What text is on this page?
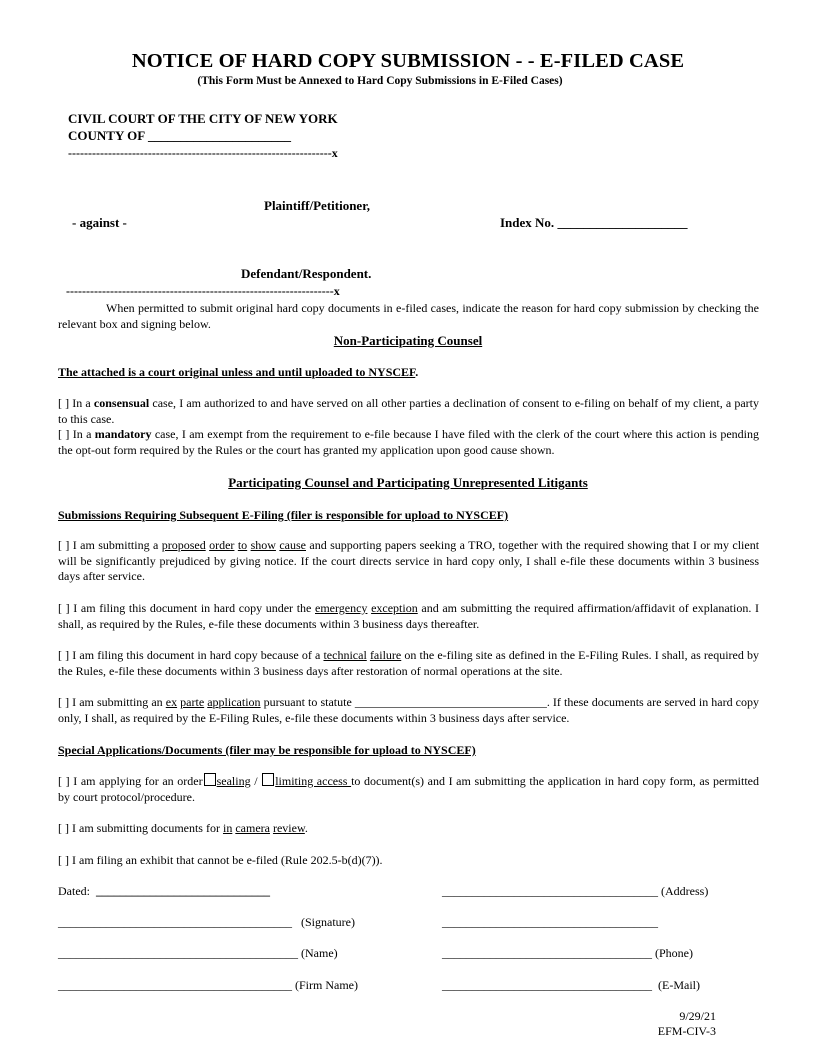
NOTICE OF HARD COPY SUBMISSION - - E-FILED CASE
(This Form Must be Annexed to Hard Copy Submissions in E-Filed Cases)
CIVIL COURT OF THE CITY OF NEW YORK
COUNTY OF ______________________
------------------------------------------------------------------x
Plaintiff/Petitioner,
- against -	Index No. ____________________
Defendant/Respondent.
-------------------------------------------------------------------x
When permitted to submit original hard copy documents in e-filed cases, indicate the reason for hard copy submission by checking the relevant box and signing below.
Non-Participating Counsel
The attached is a court original unless and until uploaded to NYSCEF.
[ ] In a consensual case, I am authorized to and have served on all other parties a declination of consent to e-filing on behalf of my client, a party to this case.
[ ] In a mandatory case, I am exempt from the requirement to e-file because I have filed with the clerk of the court where this action is pending the opt-out form required by the Rules or the court has granted my application upon good cause shown.
Participating Counsel and Participating Unrepresented Litigants
Submissions Requiring Subsequent E-Filing (filer is responsible for upload to NYSCEF)
[ ] I am submitting a proposed order to show cause and supporting papers seeking a TRO, together with the required showing that I or my client will be significantly prejudiced by giving notice. If the court directs service in hard copy only, I shall e-file these documents within 3 business days after service.
[ ] I am filing this document in hard copy under the emergency exception and am submitting the required affirmation/affidavit of explanation. I shall, as required by the Rules, e-file these documents within 3 business days thereafter.
[ ] I am filing this document in hard copy because of a technical failure on the e-filing site as defined in the E-Filing Rules. I shall, as required by the Rules, e-file these documents within 3 business days after restoration of normal operations at the site.
[ ] I am submitting an ex parte application pursuant to statute ________________________________. If these documents are served in hard copy only, I shall, as required by the E-Filing Rules, e-file these documents within 3 business days after service.
Special Applications/Documents (filer may be responsible for upload to NYSCEF)
[ ] I am applying for an order sealing / limiting access to document(s) and I am submitting the application in hard copy form, as permitted by court protocol/procedure.
[ ] I am submitting documents for in camera review.
[ ] I am filing an exhibit that cannot be e-filed (Rule 202.5-b(d)(7)).
Dated: _____________________________	____________________________________ (Address)
_______________________________________ (Signature)	____________________________________
________________________________________ (Name)	___________________________________ (Phone)
_______________________________________ (Firm Name)	___________________________________ (E-Mail)
9/29/21
EFM-CIV-3
